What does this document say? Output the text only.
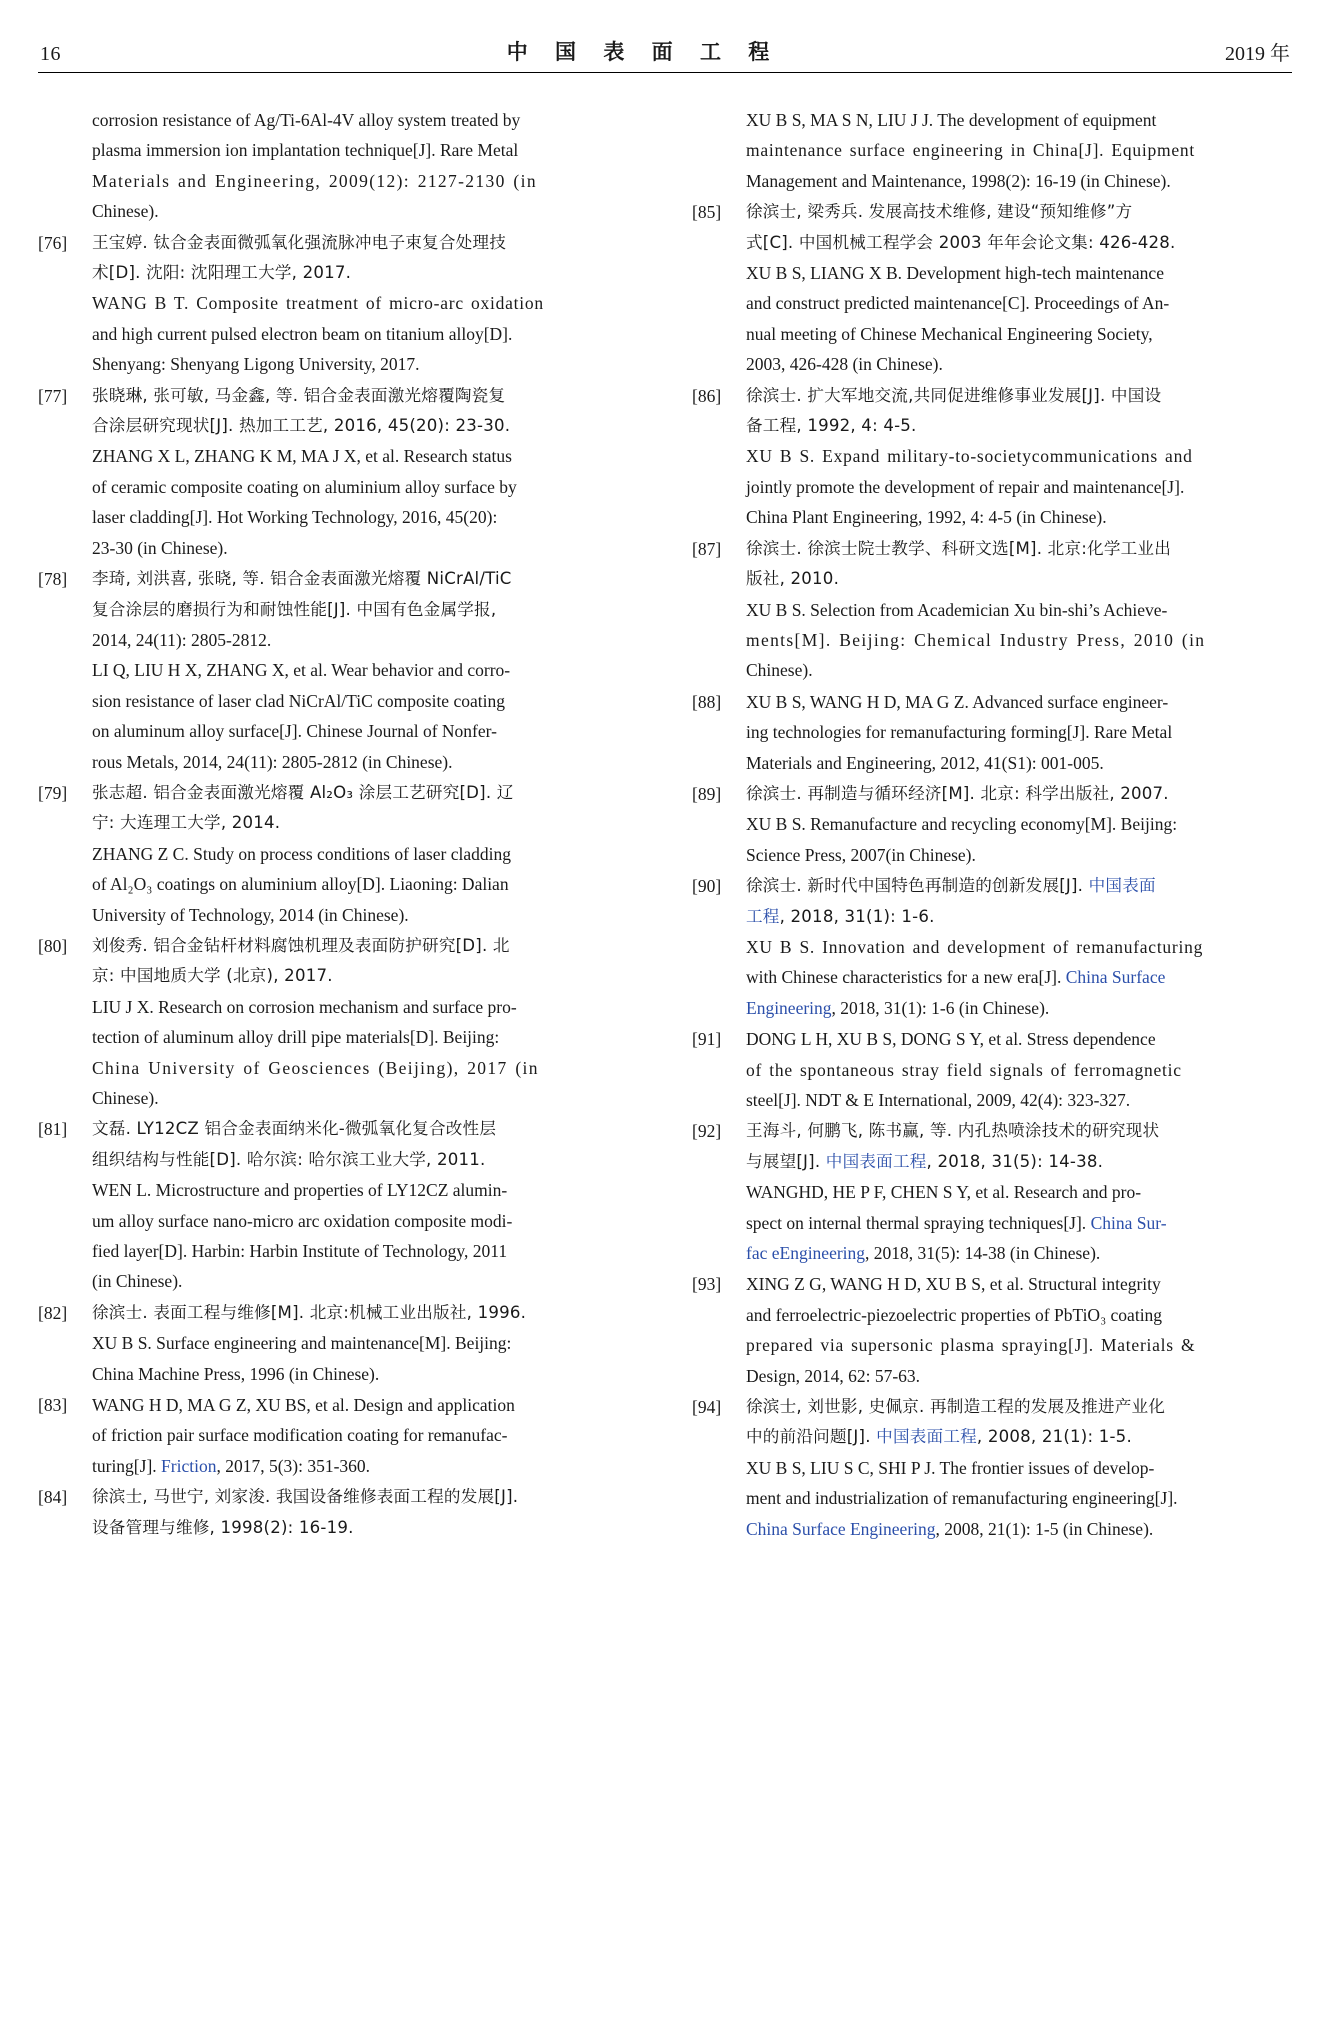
16	中 国 表 面 工 程	2019 年
corrosion resistance of Ag/Ti-6Al-4V alloy system treated by
plasma immersion ion implantation technique[J]. Rare Metal
Materials and Engineering, 2009(12): 2127-2130 (in
Chinese).
[76]	王宝婷. 钛合金表面微弧氧化强流脉冲电子束复合处理技
术[D]. 沈阳: 沈阳理工大学, 2017.
WANG B T. Composite treatment of micro-arc oxidation
and high current pulsed electron beam on titanium alloy[D].
Shenyang: Shenyang Ligong University, 2017.
[77]	张晓琳, 张可敏, 马金鑫, 等. 铝合金表面激光熔覆陶瓷复
合涂层研究现状[J]. 热加工工艺, 2016, 45(20): 23-30.
ZHANG X L, ZHANG K M, MA J X, et al. Research status
of ceramic composite coating on aluminium alloy surface by
laser cladding[J]. Hot Working Technology, 2016, 45(20):
23-30 (in Chinese).
[78]	李琦, 刘洪喜, 张晓, 等. 铝合金表面激光熔覆 NiCrAl/TiC
复合涂层的磨损行为和耐蚀性能[J]. 中国有色金属学报,
2014, 24(11): 2805-2812.
LI Q, LIU H X, ZHANG X, et al. Wear behavior and corro-
sion resistance of laser clad NiCrAl/TiC composite coating
on aluminum alloy surface[J]. Chinese Journal of Nonfer-
rous Metals, 2014, 24(11): 2805-2812 (in Chinese).
[79]	张志超. 铝合金表面激光熔覆 Al₂O₃ 涂层工艺研究[D]. 辽
宁: 大连理工大学, 2014.
ZHANG Z C. Study on process conditions of laser cladding
of Al₂O₃ coatings on aluminium alloy[D]. Liaoning: Dalian
University of Technology, 2014 (in Chinese).
[80]	刘俊秀. 铝合金钻杆材料腐蚀机理及表面防护研究[D]. 北
京: 中国地质大学 (北京), 2017.
LIU J X. Research on corrosion mechanism and surface pro-
tection of aluminum alloy drill pipe materials[D]. Beijing:
China University of Geosciences (Beijing), 2017 (in
Chinese).
[81]	文磊. LY12CZ 铝合金表面纳米化-微弧氧化复合改性层
组织结构与性能[D]. 哈尔滨: 哈尔滨工业大学, 2011.
WEN L. Microstructure and properties of LY12CZ alumin-
um alloy surface nano-micro arc oxidation composite modi-
fied layer[D]. Harbin: Harbin Institute of Technology, 2011
(in Chinese).
[82]	徐滨士. 表面工程与维修[M]. 北京:机械工业出版社, 1996.
XU B S. Surface engineering and maintenance[M]. Beijing:
China Machine Press, 1996 (in Chinese).
[83]	WANG H D, MA G Z, XU BS, et al. Design and application
of friction pair surface modification coating for remanufac-
turing[J]. Friction, 2017, 5(3): 351-360.
[84]	徐滨士, 马世宁, 刘家浚. 我国设备维修表面工程的发展[J].
设备管理与维修, 1998(2): 16-19.
XU B S, MA S N, LIU J J. The development of equipment
maintenance surface engineering in China[J]. Equipment
Management and Maintenance, 1998(2): 16-19 (in Chinese).
[85]	徐滨士, 梁秀兵. 发展高技术维修, 建设“预知维修”方
式[C]. 中国机械工程学会 2003 年年会论文集: 426-428.
XU B S, LIANG X B. Development high-tech maintenance
and construct predicted maintenance[C]. Proceedings of An-
nual meeting of Chinese Mechanical Engineering Society,
2003, 426-428 (in Chinese).
[86]	徐滨士. 扩大军地交流,共同促进维修事业发展[J]. 中国设
备工程, 1992, 4: 4-5.
XU B S. Expand military-to-societycommunications and
jointly promote the development of repair and maintenance[J].
China Plant Engineering, 1992, 4: 4-5 (in Chinese).
[87]	徐滨士. 徐滨士院士教学、科研文选[M]. 北京:化学工业出
版社, 2010.
XU B S. Selection from Academician Xu bin-shi’s Achieve-
ments[M]. Beijing: Chemical Industry Press, 2010 (in
Chinese).
[88]	XU B S, WANG H D, MA G Z. Advanced surface engineer-
ing technologies for remanufacturing forming[J]. Rare Metal
Materials and Engineering, 2012, 41(S1): 001-005.
[89]	徐滨士. 再制造与循环经济[M]. 北京: 科学出版社, 2007.
XU B S. Remanufacture and recycling economy[M]. Beijing:
Science Press, 2007(in Chinese).
[90]	徐滨士. 新时代中国特色再制造的创新发展[J]. 中国表面
工程, 2018, 31(1): 1-6.
XU B S. Innovation and development of remanufacturing
with Chinese characteristics for a new era[J]. China Surface
Engineering, 2018, 31(1): 1-6 (in Chinese).
[91]	DONG L H, XU B S, DONG S Y, et al. Stress dependence
of the spontaneous stray field signals of ferromagnetic
steel[J]. NDT & E International, 2009, 42(4): 323-327.
[92]	王海斗, 何鹏飞, 陈书赢, 等. 内孔热喷涂技术的研究现状
与展望[J]. 中国表面工程, 2018, 31(5): 14-38.
WANGHD, HE P F, CHEN S Y, et al. Research and pro-
spect on internal thermal spraying techniques[J]. China Sur-
fac eEngineering, 2018, 31(5): 14-38 (in Chinese).
[93]	XING Z G, WANG H D, XU B S, et al. Structural integrity
and ferroelectric-piezoelectric properties of PbTiO₃ coating
prepared via supersonic plasma spraying[J]. Materials &
Design, 2014, 62: 57-63.
[94]	徐滨士, 刘世影, 史佩京. 再制造工程的发展及推进产业化
中的前沿问题[J]. 中国表面工程, 2008, 21(1): 1-5.
XU B S, LIU S C, SHI P J. The frontier issues of develop-
ment and industrialization of remanufacturing engineering[J].
China Surface Engineering, 2008, 21(1): 1-5 (in Chinese).
